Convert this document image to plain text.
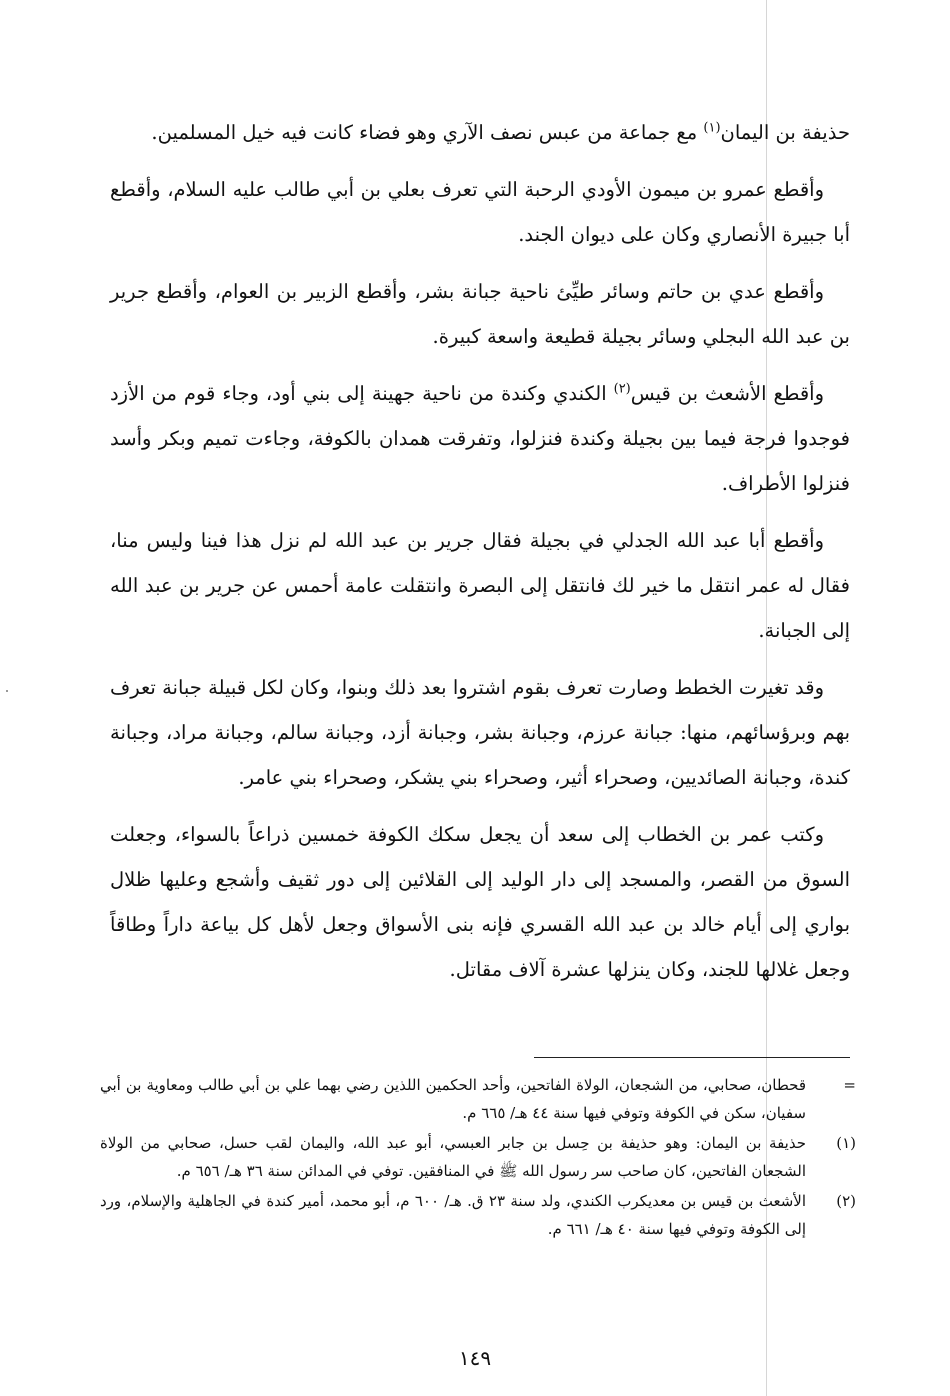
حذيفة بن اليمان$^{(١)}$ مع جماعة من عبس نصف الآري وهو فضاء كانت فيه خيل المسلمين.

وأقطع عمرو بن ميمون الأودي الرحبة التي تعرف بعلي بن أبي طالب عليه السلام، وأقطع أبا جبيرة الأنصاري وكان على ديوان الجند.

وأقطع عدي بن حاتم وسائر طيِّئ ناحية جبانة بشر، وأقطع الزبير بن العوام، وأقطع جرير بن عبد الله البجلي وسائر بجيلة قطيعة واسعة كبيرة.

وأقطع الأشعث بن قيس$^{(٢)}$ الكندي وكندة من ناحية جهينة إلى بني أود، وجاء قوم من الأزد فوجدوا فرجة فيما بين بجيلة وكندة فنزلوا، وتفرقت همدان بالكوفة، وجاءت تميم وبكر وأسد فنزلوا الأطراف.

وأقطع أبا عبد الله الجدلي في بجيلة فقال جرير بن عبد الله لم نزل هذا فينا وليس منا، فقال له عمر انتقل ما خير لك فانتقل إلى البصرة وانتقلت عامة أحمس عن جرير بن عبد الله إلى الجبانة.

وقد تغيرت الخطط وصارت تعرف بقوم اشتروا بعد ذلك وبنوا، وكان لكل قبيلة جبانة تعرف بهم وبرؤسائهم، منها: جبانة عرزم، وجبانة بشر، وجبانة أزد، وجبانة سالم، وجبانة مراد، وجبانة كندة، وجبانة الصائديين، وصحراء أثير، وصحراء بني يشكر، وصحراء بني عامر.

وكتب عمر بن الخطاب إلى سعد أن يجعل سكك الكوفة خمسين ذراعاً بالسواء، وجعلت السوق من القصر، والمسجد إلى دار الوليد إلى القلائين إلى دور ثقيف وأشجع وعليها ظلال بواري إلى أيام خالد بن عبد الله القسري فإنه بنى الأسواق وجعل لأهل كل بياعة داراً وطاقاً وجعل غلالها للجند، وكان ينزلها عشرة آلاف مقاتل.

=
قحطان، صحابي، من الشجعان، الولاة الفاتحين، وأحد الحكمين اللذين رضي بهما علي بن أبي طالب ومعاوية بن أبي سفيان، سكن في الكوفة وتوفي فيها سنة ٤٤ هـ/ ٦٦٥ م.
(١)
حذيفة بن اليمان: وهو حذيفة بن حِسل بن جابر العبسي، أبو عبد الله، واليمان لقب حسل، صحابي من الولاة الشجعان الفاتحين، كان صاحب سر رسول الله ﷺ في المنافقين. توفي في المدائن سنة ٣٦ هـ/ ٦٥٦ م.
(٢)
الأشعث بن قيس بن معديكرب الكندي، ولد سنة ٢٣ ق. هـ/ ٦٠٠ م، أبو محمد، أمير كندة في الجاهلية والإسلام، ورد إلى الكوفة وتوفي فيها سنة ٤٠ هـ/ ٦٦١ م.
١٤٩
